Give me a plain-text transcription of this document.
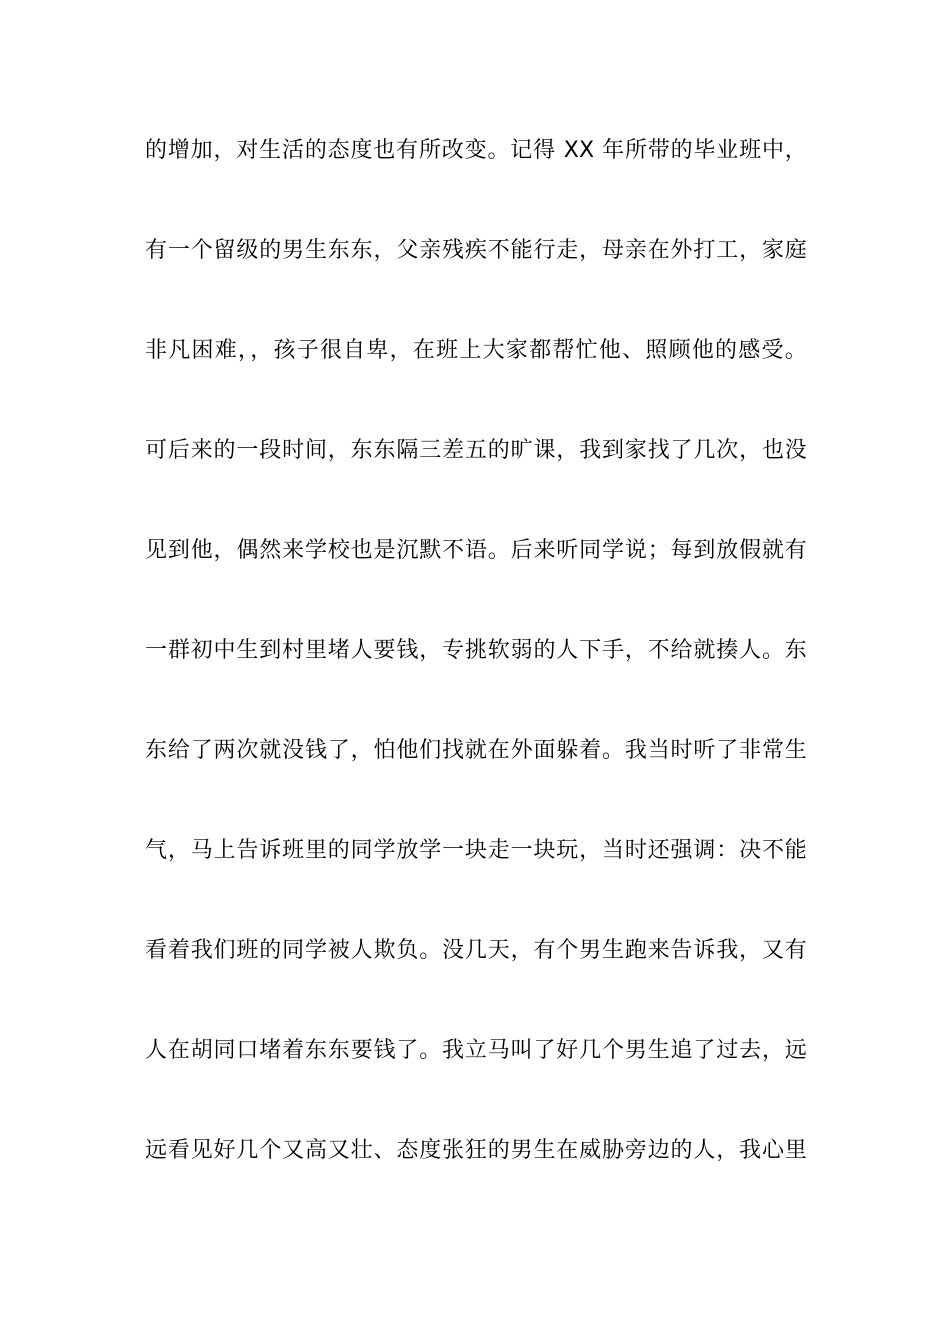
的增加，对生活的态度也有所改变。记得 XX 年所带的毕业班中，
有一个留级的男生东东，父亲残疾不能行走，母亲在外打工，家庭
非凡困难，，孩子很自卑，在班上大家都帮忙他、照顾他的感受。
可后来的一段时间，东东隔三差五的旷课，我到家找了几次，也没
见到他，偶然来学校也是沉默不语。后来听同学说；每到放假就有
一群初中生到村里堵人要钱，专挑软弱的人下手，不给就揍人。东
东给了两次就没钱了，怕他们找就在外面躲着。我当时听了非常生
气，马上告诉班里的同学放学一块走一块玩，当时还强调：决不能
看着我们班的同学被人欺负。没几天，有个男生跑来告诉我，又有
人在胡同口堵着东东要钱了。我立马叫了好几个男生追了过去，远
远看见好几个又高又壮、态度张狂的男生在威胁旁边的人，我心里
